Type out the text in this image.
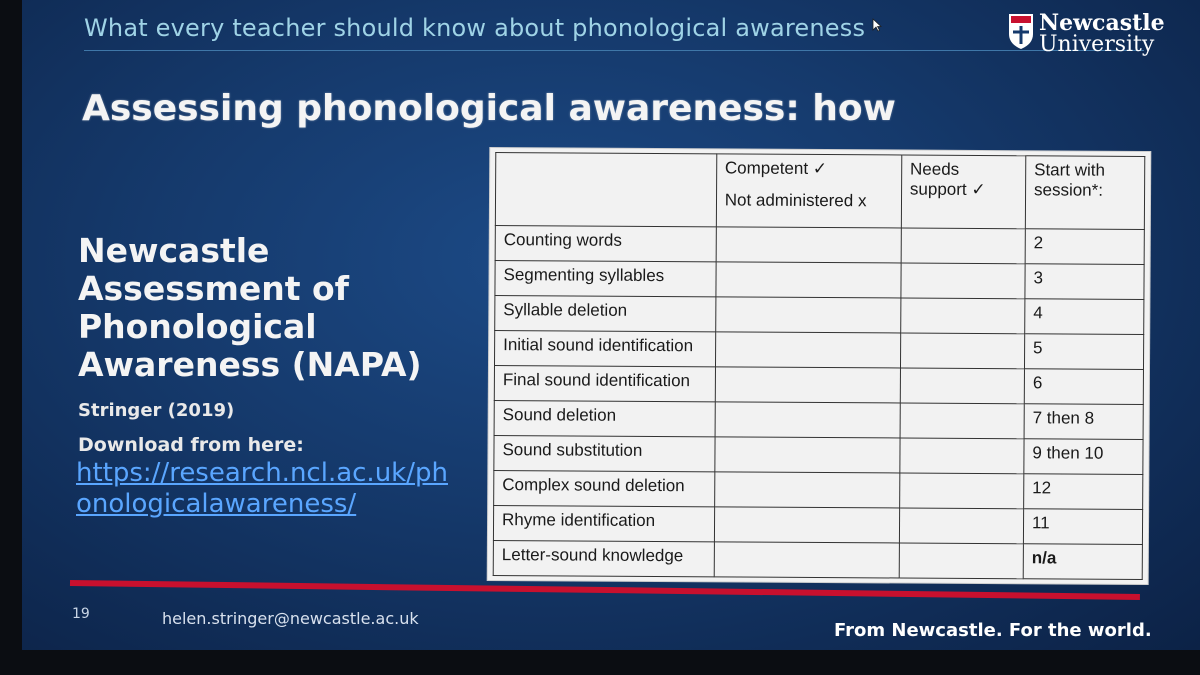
What every teacher should know about phonological awareness	Newcastle
University
Assessing phonological awareness: how
Newcastle Assessment of Phonological Awareness (NAPA)
Stringer (2019)
Download from here:
https://research.ncl.ac.uk/phonologicalawareness/
	Competent ✓
Not administered x	Needs support ✓	Start with session*:
Counting words			2
Segmenting syllables			3
Syllable deletion			4
Initial sound identification			5
Final sound identification			6
Sound deletion			7 then 8
Sound substitution			9 then 10
Complex sound deletion			12
Rhyme identification			11
Letter-sound knowledge			n/a
19	helen.stringer@newcastle.ac.uk
From Newcastle. For the world.
